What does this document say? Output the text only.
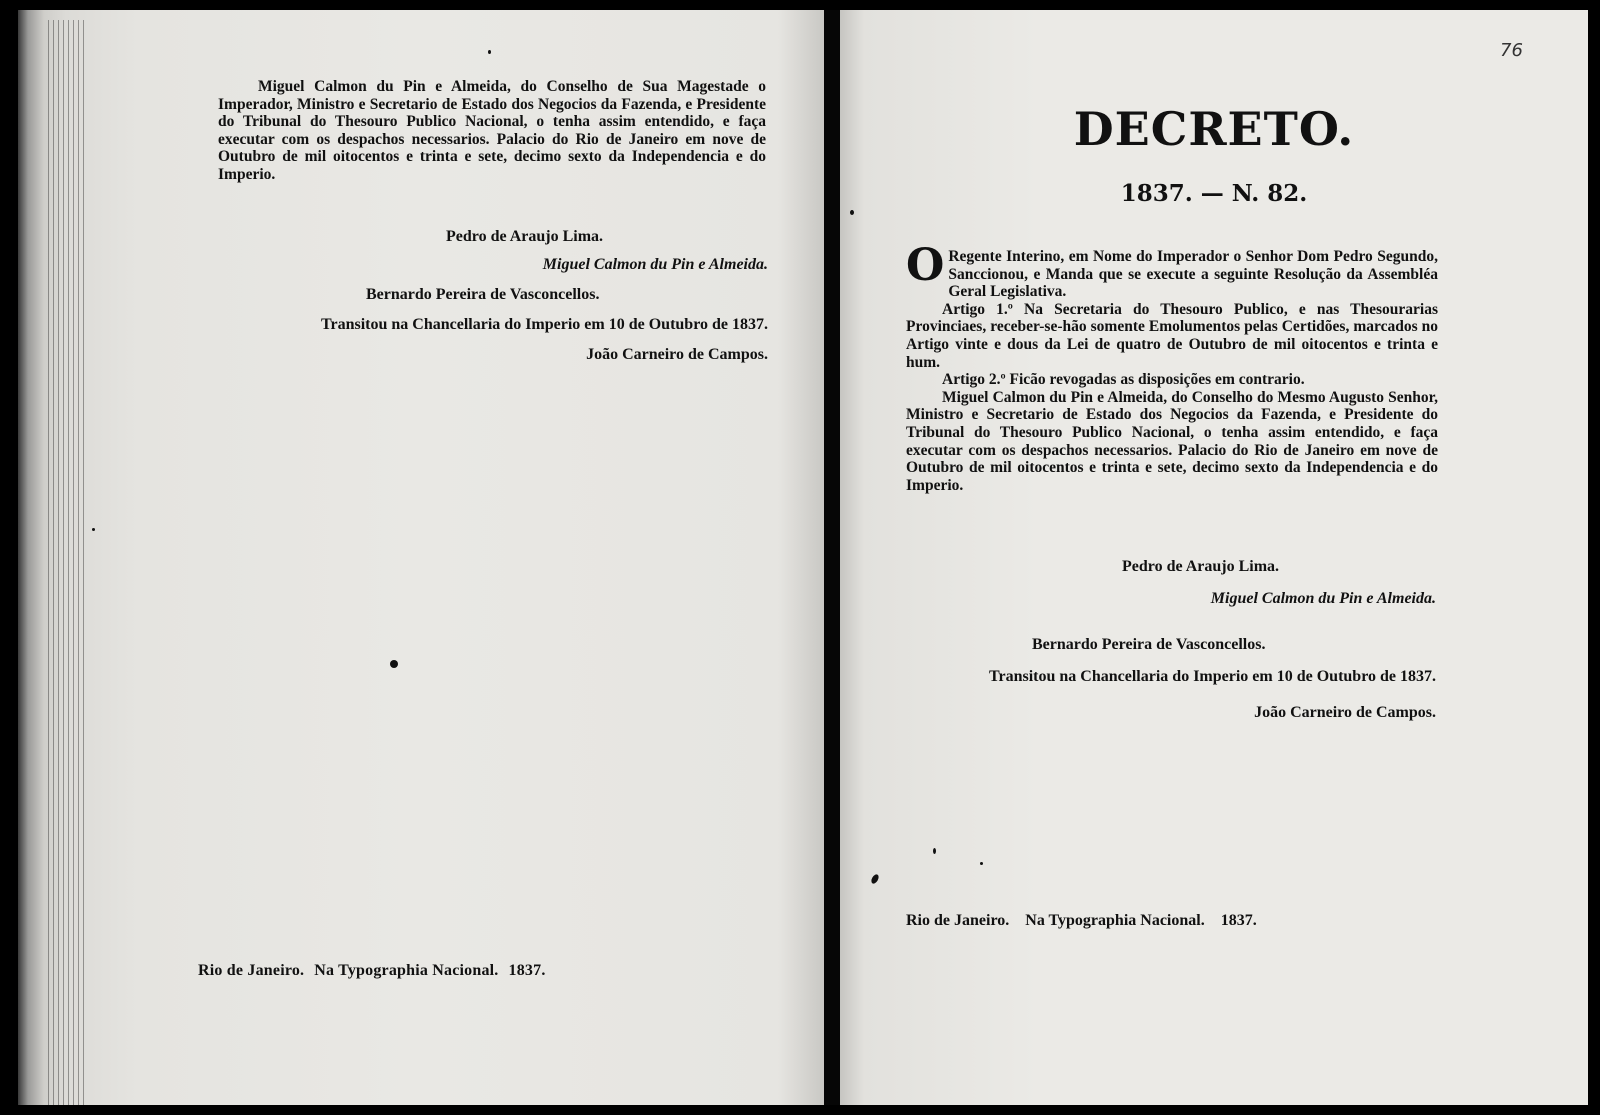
Miguel Calmon du Pin e Almeida, do Conselho de Sua Magestade o Imperador, Ministro e Secretario de Estado dos Negocios da Fazenda, e Presidente do Tribunal do Thesouro Publico Nacional, o tenha assim entendido, e faça executar com os despachos necessarios. Palacio do Rio de Janeiro em nove de Outubro de mil oitocentos e trinta e sete, decimo sexto da Independencia e do Imperio.

Pedro de Araujo Lima.

Miguel Calmon du Pin e Almeida.

Bernardo Pereira de Vasconcellos.

Transitou na Chancellaria do Imperio em 10 de Outubro de 1837.

João Carneiro de Campos.

Rio de Janeiro. Na Typographia Nacional. 1837.

76

DECRETO.
1837. — N. 82.

O Regente Interino, em Nome do Imperador o Senhor Dom Pedro Segundo, Sanccionou, e Manda que se execute a seguinte Resolução da Assembléa Geral Legislativa.

Artigo 1.º Na Secretaria do Thesouro Publico, e nas Thesourarias Provinciaes, receber-se-hão somente Emolumentos pelas Certidões, marcados no Artigo vinte e dous da Lei de quatro de Outubro de mil oitocentos e trinta e hum.

Artigo 2.º Ficão revogadas as disposições em contrario.

Miguel Calmon du Pin e Almeida, do Conselho do Mesmo Augusto Senhor, Ministro e Secretario de Estado dos Negocios da Fazenda, e Presidente do Tribunal do Thesouro Publico Nacional, o tenha assim entendido, e faça executar com os despachos necessarios. Palacio do Rio de Janeiro em nove de Outubro de mil oitocentos e trinta e sete, decimo sexto da Independencia e do Imperio.

Pedro de Araujo Lima.

Miguel Calmon du Pin e Almeida.

Bernardo Pereira de Vasconcellos.

Transitou na Chancellaria do Imperio em 10 de Outubro de 1837.

João Carneiro de Campos.

Rio de Janeiro. Na Typographia Nacional. 1837.
